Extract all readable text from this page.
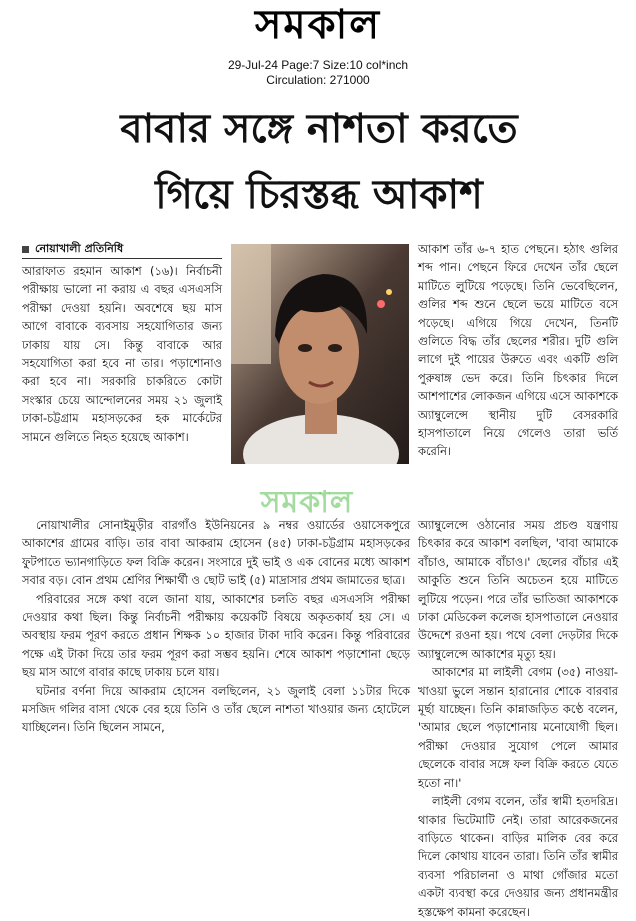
সমকাল
29-Jul-24 Page:7 Size:10 col*inch
Circulation: 271000
বাবার সঙ্গে নাশতা করতে
গিয়ে চিরস্তব্ধ আকাশ
নোয়াখালী প্রতিনিধি

আরাফাত রহমান আকাশ (১৬)। নির্বাচনী পরীক্ষায় ভালো না করায় এ বছর এসএসসি পরীক্ষা দেওয়া হয়নি। অবশেষে ছয় মাস আগে বাবাকে ব্যবসায় সহযোগিতার জন্য ঢাকায় যায় সে। কিন্তু বাবাকে আর সহযোগিতা করা হবে না তার। পড়াশোনাও করা হবে না। সরকারি চাকরিতে কোটা সংস্কার চেয়ে আন্দোলনের সময় ২১ জুলাই ঢাকা-চট্টগ্রাম মহাসড়কের হক মার্কেটের সামনে গুলিতে নিহত হয়েছে আকাশ।

নোয়াখালীর সোনাইমুড়ীর বারগাঁও ইউনিয়নের ৯ নম্বর ওয়ার্ডের ওয়াসেকপুরে আকাশের গ্রামের বাড়ি। তার বাবা আকরাম হোসেন (৪৫) ঢাকা-চট্টগ্রাম মহাসড়কের ফুটপাতে ভ্যানগাড়িতে ফল বিক্রি করেন। সংসারে দুই ভাই ও এক বোনের মধ্যে আকাশ সবার বড়। বোন প্রথম শ্রেণির শিক্ষার্থী ও ছোট ভাই (৫) মাদ্রাসার প্রথম জামাতের ছাত্র।

পরিবারের সঙ্গে কথা বলে জানা যায়, আকাশের চলতি বছর এসএসসি পরীক্ষা দেওয়ার কথা ছিল। কিন্তু নির্বাচনী পরীক্ষায় কয়েকটি বিষয়ে অকৃতকার্য হয় সে। এ অবস্থায় ফরম পূরণ করতে প্রধান শিক্ষক ১০ হাজার টাকা দাবি করেন। কিন্তু পরিবারের পক্ষে এই টাকা দিয়ে তার ফরম পূরণ করা সম্ভব হয়নি। শেষে আকাশ পড়াশোনা ছেড়ে ছয় মাস আগে বাবার কাছে ঢাকায় চলে যায়।

ঘটনার বর্ণনা দিয়ে আকরাম হোসেন বলছিলেন, ২১ জুলাই বেলা ১১টার দিকে মসজিদ গলির বাসা থেকে বের হয়ে তিনি ও তাঁর ছেলে নাশতা খাওয়ার জন্য হোটেলে যাচ্ছিলেন। তিনি ছিলেন সামনে,

আকাশ তাঁর ৬-৭ হাত পেছনে। হঠাৎ গুলির শব্দ পান। পেছনে ফিরে দেখেন তাঁর ছেলে মাটিতে লুটিয়ে পড়েছে। তিনি ভেবেছিলেন, গুলির শব্দ শুনে ছেলে ভয়ে মাটিতে বসে পড়েছে। এগিয়ে গিয়ে দেখেন, তিনটি গুলিতে বিদ্ধ তাঁর ছেলের শরীর। দুটি গুলি লাগে দুই পায়ের উরুতে এবং একটি গুলি পুরুষাঙ্গ ভেদ করে। তিনি চিৎকার দিলে আশপাশের লোকজন এগিয়ে এসে আকাশকে অ্যাম্বুলেন্সে স্থানীয় দুটি বেসরকারি হাসপাতালে নিয়ে গেলেও তারা ভর্তি করেনি।

অ্যাম্বুলেন্সে ওঠানোর সময় প্রচণ্ড যন্ত্রণায় চিৎকার করে আকাশ বলছিল, 'বাবা আমাকে বাঁচাও, আমাকে বাঁচাও।' ছেলের বাঁচার এই আকুতি শুনে তিনি অচেতন হয়ে মাটিতে লুটিয়ে পড়েন। পরে তাঁর ভাতিজা আকাশকে ঢাকা মেডিকেল কলেজ হাসপাতালে নেওয়ার উদ্দেশে রওনা হয়। পথে বেলা দেড়টার দিকে অ্যাম্বুলেন্সে আকাশের মৃত্যু হয়।

আকাশের মা লাইলী বেগম (৩৫) নাওয়া-খাওয়া ভুলে সন্তান হারানোর শোকে বারবার মূর্ছা যাচ্ছেন। তিনি কান্নাজড়িত কণ্ঠে বলেন, 'আমার ছেলে পড়াশোনায় মনোযোগী ছিল। পরীক্ষা দেওয়ার সুযোগ পেলে আমার ছেলেকে বাবার সঙ্গে ফল বিক্রি করতে যেতে হতো না।'

লাইলী বেগম বলেন, তাঁর স্বামী হতদরিদ্র। থাকার ভিটেমাটি নেই। তারা আরেকজনের বাড়িতে থাকেন। বাড়ির মালিক বের করে দিলে কোথায় যাবেন তারা। তিনি তাঁর স্বামীর ব্যবসা পরিচালনা ও মাথা গোঁজার মতো একটা ব্যবস্থা করে দেওয়ার জন্য প্রধানমন্ত্রীর হস্তক্ষেপ কামনা করেছেন।

সমকাল
